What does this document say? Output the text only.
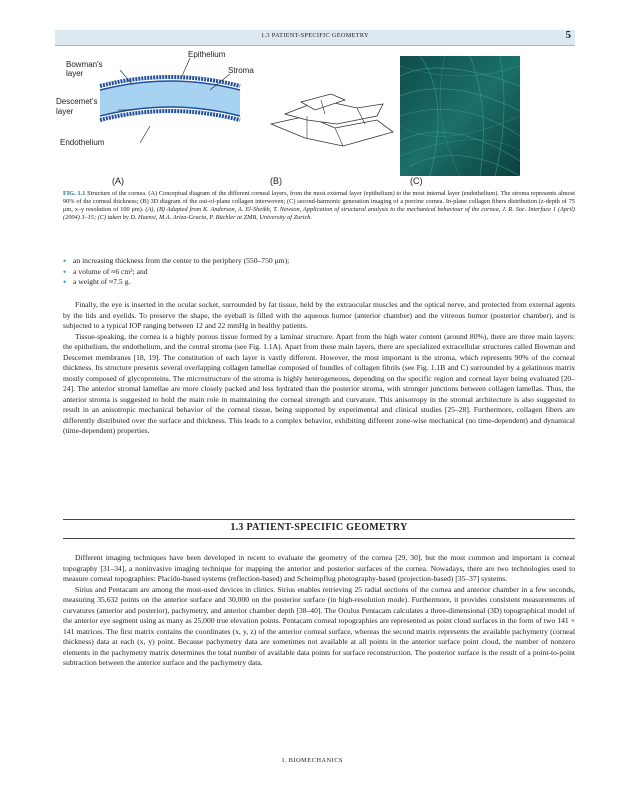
1.3 PATIENT-SPECIFIC GEOMETRY	5
Epithelium
Bowman's
layer	Stroma
Descemet's
layer
Endothelium
(A)	(B)	(C)
FIG. 1.1 Structure of the cornea. (A) Conceptual diagram of the different corneal layers, from the most external layer (epithelium) to the most internal layer (endothelium). The stroma represents almost 90% of the corneal thickness; (B) 3D diagram of the out-of-plane collagen interwoven; (C) second-harmonic generation imaging of a porcine cornea. In-plane collagen fibers distribution (z-depth of 75 μm, x–y resolution of 100 μm). (A), (B) Adapted from K. Anderson, A. El-Sheikh, T. Newson, Application of structural analysis to the mechanical behaviour of the cornea, J. R. Soc. Interface 1 (April) (2004) 3–15; (C) taken by D. Haensi, M.A. Ariza-Gracia, P. Büchler at ZMB, University of Zurich.
• an increasing thickness from the center to the periphery (550–750 μm);
• a volume of ≈6 cm³; and
• a weight of ≈7.5 g.

Finally, the eye is inserted in the ocular socket, surrounded by fat tissue, held by the extraocular muscles and the optical nerve, and protected from external agents by the lids and eyelids. To preserve the shape, the eyeball is filled with the aqueous humor (anterior chamber) and the vitreous humor (posterior chamber), and is subjected to a typical IOP ranging between 12 and 22 mmHg in healthy patients.

Tissue-speaking, the cornea is a highly porous tissue formed by a laminar structure. Apart from the high water content (around 80%), there are three main layers: the epithelium, the endothelium, and the central stroma (see Fig. 1.1A). Apart from these main layers, there are specialized extracellular structures called Bowman and Descemet membranes [18, 19]. The constitution of each layer is vastly different. However, the most important is the stroma, which represents 90% of the corneal thickness. Its structure presents several overlapping collagen lamellae composed of bundles of collagen fibrils (see Fig. 1.1B and C) surrounded by a gelatinous matrix mostly composed of glycoproteins. The microstructure of the stroma is highly heterogeneous, depending on the specific region and corneal layer being evaluated [20–24]. The anterior stromal lamellae are more closely packed and less hydrated than the posterior stroma, with stronger junctions between collagen lamellas. Thus, the anterior stroma is suggested to hold the main role in maintaining the corneal strength and curvature. This anisotropy in the stromal architecture is also suggested to result in an anisotropic mechanical behavior of the corneal tissue, being supported by experimental and clinical studies [25–28]. Furthermore, collagen fibers are differently distributed over the surface and thickness. This leads to a complex behavior, exhibiting different zone-wise mechanical (no time-dependent) and dynamical (time-dependent) properties.

1.3 PATIENT-SPECIFIC GEOMETRY

Different imaging techniques have been developed in recent to evaluate the geometry of the cornea [29, 30], but the most common and important is corneal topography [31–34], a noninvasive imaging technique for mapping the anterior and posterior surfaces of the cornea. Nowadays, there are two technologies used to measure corneal topographies: Placido-based systems (reflection-based) and Scheimpflug photography-based (projection-based) [35–37] systems.

Sirius and Pentacam are among the most-used devices in clinics. Sirius enables retrieving 25 radial sections of the cornea and anterior chamber in a few seconds, measuring 35,632 points on the anterior surface and 30,000 on the posterior surface (in high-resolution mode). Furthermore, it provides consistent measurements of curvatures (anterior and posterior), pachymetry, and anterior chamber depth [38–40]. The Oculus Pentacam calculates a three-dimensional (3D) topographical model of the anterior eye segment using as many as 25,000 true elevation points. Pentacam corneal topographies are represented as point cloud surfaces in the form of two 141 × 141 matrices. The first matrix contains the coordinates (x, y, z) of the anterior corneal surface, whereas the second matrix represents the available pachymetry (corneal thickness) data at each (x, y) point. Because pachymetry data are sometimes not available at all points in the anterior surface point cloud, the number of nonzero elements in the pachymetry matrix determines the total number of available data points for surface reconstruction. The posterior surface is the result of a point-to-point subtraction between the anterior surface and the pachymetry data.

I. BIOMECHANICS
